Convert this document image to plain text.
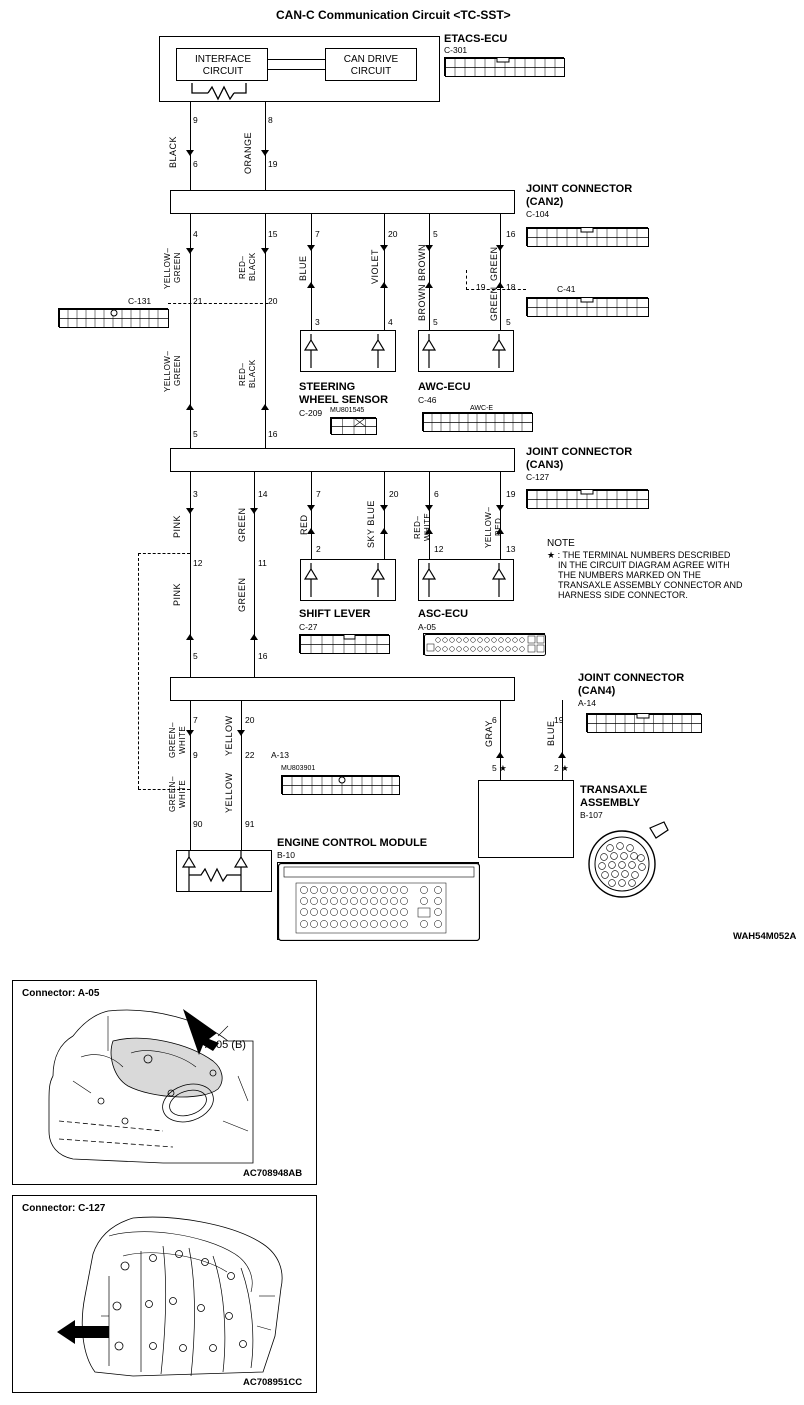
CAN-C Communication Circuit <TC-SST>
INTERFACE
CIRCUIT
CAN DRIVE
CIRCUIT
ETACS-ECU
C-301
9
6
BLACK
8
19
ORANGE
JOINT CONNECTOR
(CAN2)
C-104
C-41
4
21
5
YELLOW–
GREEN
YELLOW–
GREEN
15
20
16
RED–
BLACK
RED–
BLACK
C-131
7
3
BLUE
20
4
VIOLET
5
5
BROWN
BROWN
16
18
5
19
GREEN
GREEN
STEERING
WHEEL SENSOR
C-209 MU801545
AWC-ECU
C-46
AWC-E
JOINT CONNECTOR
(CAN3)
C-127
NOTE
★ : THE TERMINAL NUMBERS DESCRIBED
IN THE CIRCUIT DIAGRAM AGREE WITH
THE NUMBERS MARKED ON THE
TRANSAXLE ASSEMBLY CONNECTOR AND
HARNESS SIDE CONNECTOR.
3
12
5
PINK
PINK
14
11
16
GREEN
GREEN
7
2
RED
20
SKY BLUE
6
12
RED–
WHITE
19
13
YELLOW–
RED
SHIFT LEVER
C-27
ASC-ECU
A-05
JOINT CONNECTOR
(CAN4)
A-14
7
9
90
GREEN–
WHITE
GREEN–
WHITE
20
22
91
YELLOW
YELLOW
A-13
MU803901
ENGINE CONTROL MODULE
B-10
6
5 ★
GRAY
19
2 ★
BLUE
TRANSAXLE
ASSEMBLY
B-107
WAH54M052A
Connector: A-05
A-05 (B)
AC708948AB
Connector: C-127
AC708951CC
